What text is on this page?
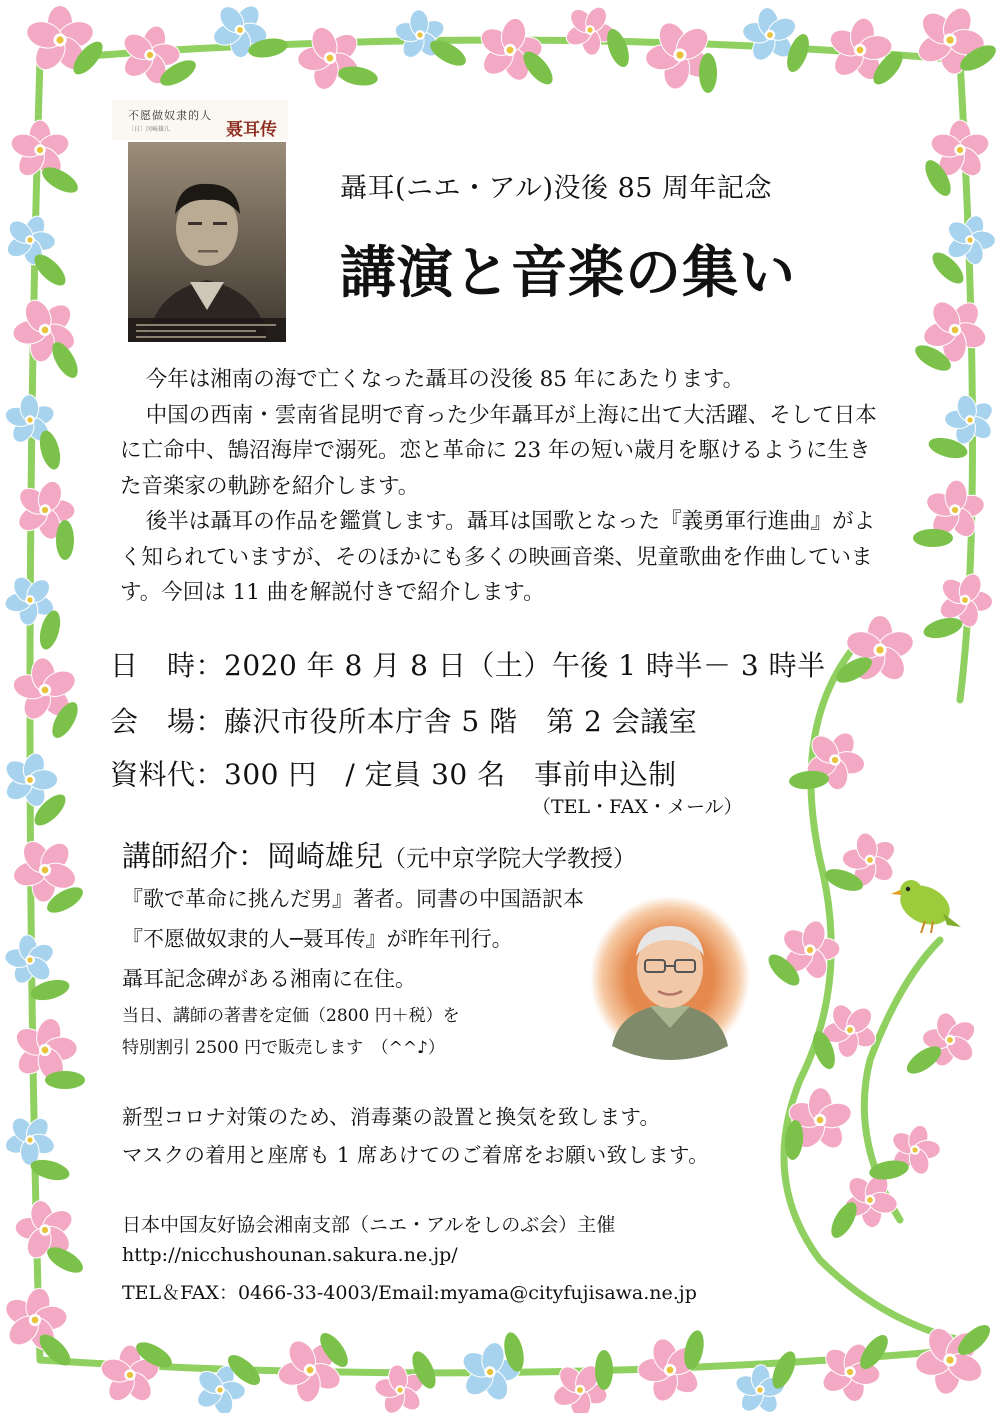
不愿做奴隶的人
聂耳传
〔日〕冈崎雄儿
聶耳(ニエ・アル)没後 85 周年記念
講演と音楽の集い

今年は湘南の海で亡くなった聶耳の没後 85 年にあたります。

中国の西南・雲南省昆明で育った少年聶耳が上海に出て大活躍、そして日本に亡命中、鵠沼海岸で溺死。恋と革命に 23 年の短い歳月を駆けるように生きた音楽家の軌跡を紹介します。

後半は聶耳の作品を鑑賞します。聶耳は国歌となった『義勇軍行進曲』がよく知られていますが、そのほかにも多くの映画音楽、児童歌曲を作曲しています。今回は 11 曲を解説付きで紹介します。

日　時：2020 年 8 月 8 日（土）午後 1 時半－ 3 時半
会　場：藤沢市役所本庁舎 5 階　第 2 会議室
資料代：300 円　/ 定員 30 名　事前申込制
（TEL・FAX・メール）
講師紹介：岡崎雄兒（元中京学院大学教授）
『歌で革命に挑んだ男』著者。同書の中国語訳本
『不愿做奴隶的人─聂耳传』が昨年刊行。
聶耳記念碑がある湘南に在住。
当日、講師の著書を定価（2800 円＋税）を
特別割引 2500 円で販売します　（^^♪）
新型コロナ対策のため、消毒薬の設置と換気を致します。
マスクの着用と座席も 1 席あけてのご着席をお願い致します。
日本中国友好協会湘南支部（ニエ・アルをしのぶ会）主催
http://nicchushounan.sakura.ne.jp/
TEL＆FAX：0466-33-4003/Email:myama@cityfujisawa.ne.jp
